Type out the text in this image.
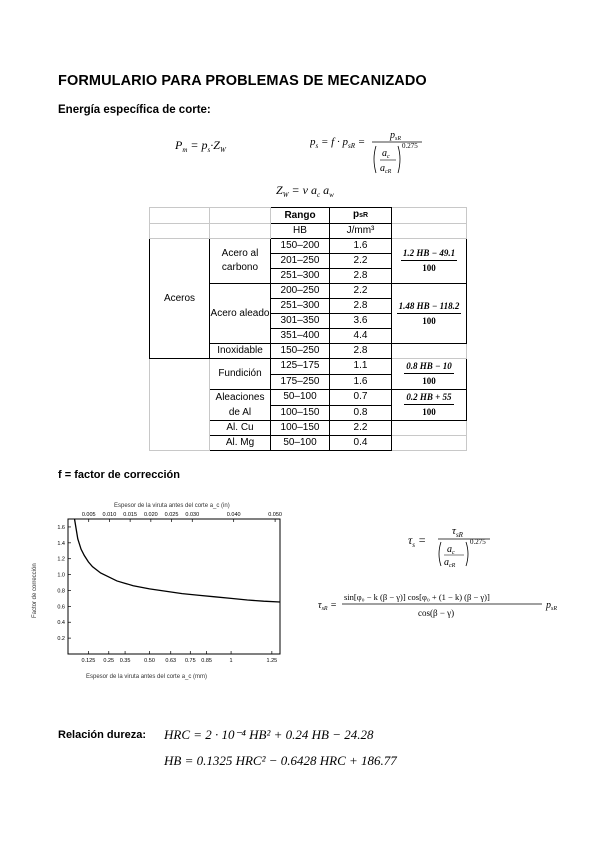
FORMULARIO PARA PROBLEMAS DE MECANIZADO
Energía específica de corte:
$P_m = p_s\cdot Z_W$
$p_s = f \cdot p_{sR}$ =
$p_{sR}$
$a_c$
$a_{cR}$
0.275
$Z_W = v$ $a_c$ $a_w$
		Rango	psR	
		HB	J/mm³	
Aceros	Acero al carbono	150–200	1.6	$\frac{1.2 HB - 49.1}{100}$

		201–250	2.2	
		251–300	2.8	
	Acero aleado	200–250	2.2	$\frac{1.48 HB - 118.2}{100}$

		251–300	2.8	
		301–350	3.6	
		351–400	4.4	
	Inoxidable	150–250	2.8	
	Fundición	125–175	1.1	$\frac{0.8 HB - 10}{100}$

		175–250	1.6	
	Aleaciones de Al	50–100	0.7	$\frac{0.2 HB + 55}{100}$

		100–150	0.8	
	Al. Cu	100–150	2.2	
	Al. Mg	50–100	0.4	
f = factor de corrección
0.2
0.4
0.6
0.8
1.0
1.2
1.4
1.6
0.125 0.25 0.35 0.50 0.63 0.75 0.85	1	1.25
0.005 0.010 0.015 0.020 0.025 0.030	0.040	0.050
Espesor de la viruta antes del corte a_c (in)
Espesor de la viruta antes del corte a_c (mm)
Factor de corrección
$\tau_s$ =
$\tau_{sR}$
$a_c$
$a_{cR}$
0.275
$\tau_{sR}$ =
sin[φ₀ − k (β − γ)] cos[φ₀ + (1 − k) (β − γ)]
cos(β − γ)
$p_{sR}$
Relación dureza: HRC = 2 · 10⁻⁴ HB² + 0.24 HB − 24.28
HB = 0.1325 HRC² − 0.6428 HRC + 186.77
